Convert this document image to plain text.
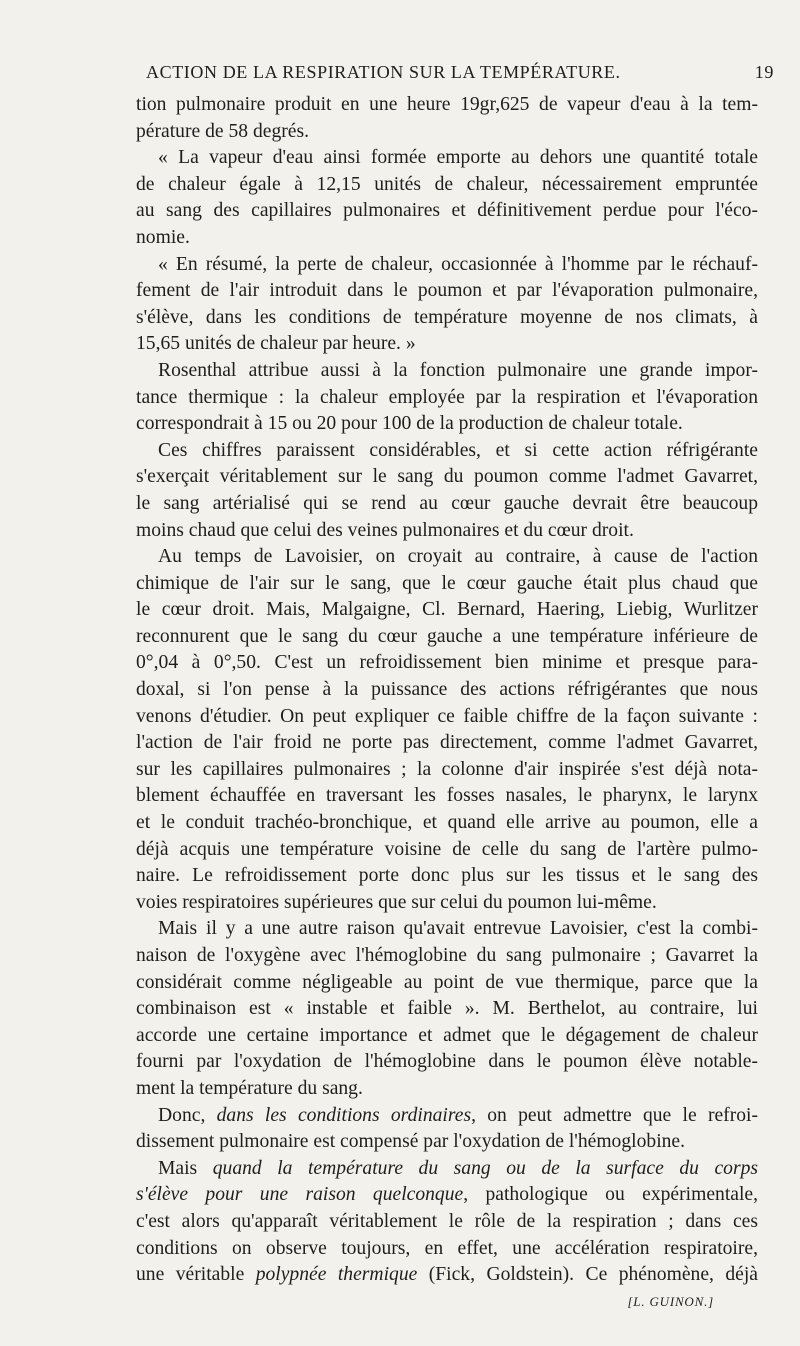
ACTION DE LA RESPIRATION SUR LA TEMPÉRATURE.	19
tion pulmonaire produit en une heure 19gr,625 de vapeur d'eau à la tem-
pérature de 58 degrés.
« La vapeur d'eau ainsi formée emporte au dehors une quantité totale
de chaleur égale à 12,15 unités de chaleur, nécessairement empruntée
au sang des capillaires pulmonaires et définitivement perdue pour l'éco-
nomie.
« En résumé, la perte de chaleur, occasionnée à l'homme par le réchauf-
fement de l'air introduit dans le poumon et par l'évaporation pulmonaire,
s'élève, dans les conditions de température moyenne de nos climats, à
15,65 unités de chaleur par heure. »
Rosenthal attribue aussi à la fonction pulmonaire une grande impor-
tance thermique : la chaleur employée par la respiration et l'évaporation
correspondrait à 15 ou 20 pour 100 de la production de chaleur totale.
Ces chiffres paraissent considérables, et si cette action réfrigérante
s'exerçait véritablement sur le sang du poumon comme l'admet Gavarret,
le sang artérialisé qui se rend au cœur gauche devrait être beaucoup
moins chaud que celui des veines pulmonaires et du cœur droit.
Au temps de Lavoisier, on croyait au contraire, à cause de l'action
chimique de l'air sur le sang, que le cœur gauche était plus chaud que
le cœur droit. Mais, Malgaigne, Cl. Bernard, Haering, Liebig, Wurlitzer
reconnurent que le sang du cœur gauche a une température inférieure de
0°,04 à 0°,50. C'est un refroidissement bien minime et presque para-
doxal, si l'on pense à la puissance des actions réfrigérantes que nous
venons d'étudier. On peut expliquer ce faible chiffre de la façon suivante :
l'action de l'air froid ne porte pas directement, comme l'admet Gavarret,
sur les capillaires pulmonaires ; la colonne d'air inspirée s'est déjà nota-
blement échauffée en traversant les fosses nasales, le pharynx, le larynx
et le conduit trachéo-bronchique, et quand elle arrive au poumon, elle a
déjà acquis une température voisine de celle du sang de l'artère pulmo-
naire. Le refroidissement porte donc plus sur les tissus et le sang des
voies respiratoires supérieures que sur celui du poumon lui-même.
Mais il y a une autre raison qu'avait entrevue Lavoisier, c'est la combi-
naison de l'oxygène avec l'hémoglobine du sang pulmonaire ; Gavarret la
considérait comme négligeable au point de vue thermique, parce que la
combinaison est « instable et faible ». M. Berthelot, au contraire, lui
accorde une certaine importance et admet que le dégagement de chaleur
fourni par l'oxydation de l'hémoglobine dans le poumon élève notable-
ment la température du sang.
Donc, dans les conditions ordinaires, on peut admettre que le refroi-
dissement pulmonaire est compensé par l'oxydation de l'hémoglobine.
Mais quand la température du sang ou de la surface du corps
s'élève pour une raison quelconque, pathologique ou expérimentale,
c'est alors qu'apparaît véritablement le rôle de la respiration ; dans ces
conditions on observe toujours, en effet, une accélération respiratoire,
une véritable polypnée thermique (Fick, Goldstein). Ce phénomène, déjà
[L. GUINON.]
